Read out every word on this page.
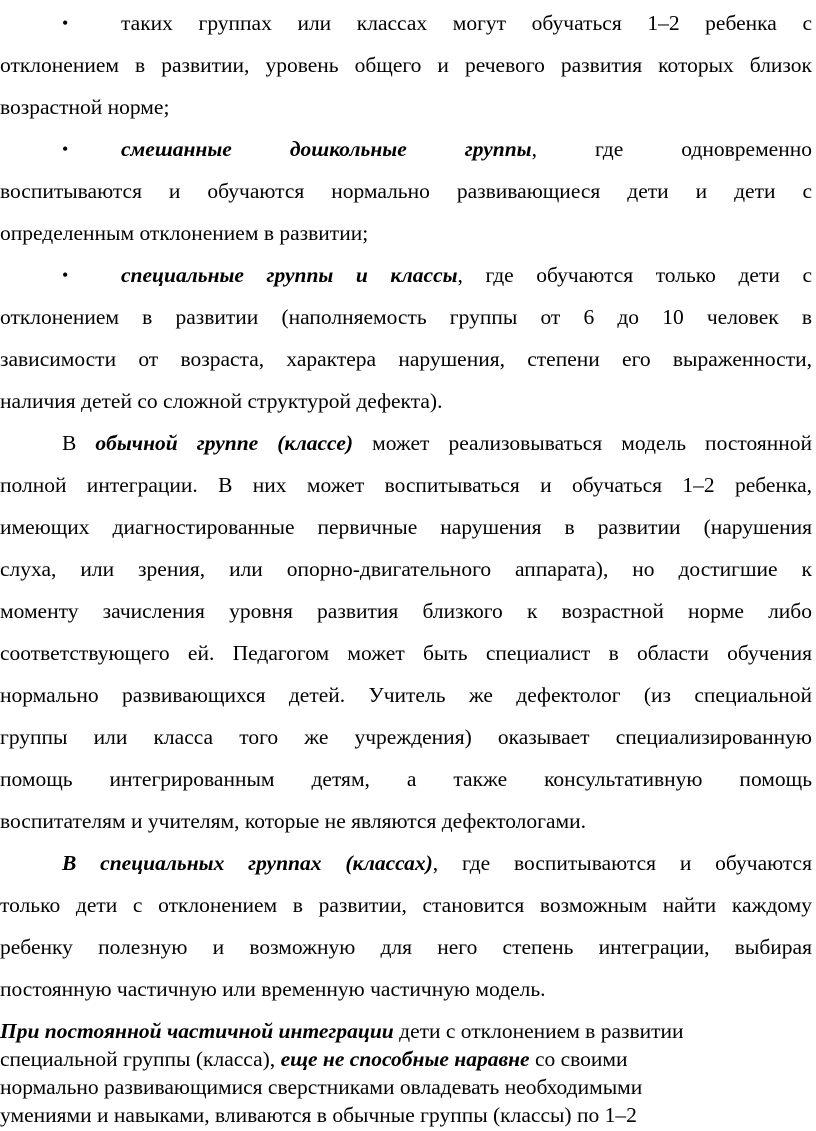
• таких группах или классах могут обучаться 1–2 ребенка с
отклонением в развитии, уровень общего и речевого развития которых близок
возрастной норме;
• смешанные дошкольные группы, где одновременно
воспитываются и обучаются нормально развивающиеся дети и дети с
определенным отклонением в развитии;
• специальные группы и классы, где обучаются только дети с
отклонением в развитии (наполняемость группы от 6 до 10 человек в
зависимости от возраста, характера нарушения, степени его выраженности,
наличия детей со сложной структурой дефекта).
В обычной группе (классе) может реализовываться модель постоянной
полной интеграции. В них может воспитываться и обучаться 1–2 ребенка,
имеющих диагностированные первичные нарушения в развитии (нарушения
слуха, или зрения, или опорно-двигательного аппарата), но достигшие к
моменту зачисления уровня развития близкого к возрастной норме либо
соответствующего ей. Педагогом может быть специалист в области обучения
нормально развивающихся детей. Учитель же дефектолог (из специальной
группы или класса того же учреждения) оказывает специализированную
помощь интегрированным детям, а также консультативную помощь
воспитателям и учителям, которые не являются дефектологами.
В специальных группах (классах), где воспитываются и обучаются
только дети с отклонением в развитии, становится возможным найти каждому
ребенку полезную и возможную для него степень интеграции, выбирая
постоянную частичную или временную частичную модель.
При постоянной частичной интеграции дети с отклонением в развитии
специальной группы (класса), еще не способные наравне со своими
нормально развивающимися сверстниками овладевать необходимыми
умениями и навыками, вливаются в обычные группы (классы) по 1–2
